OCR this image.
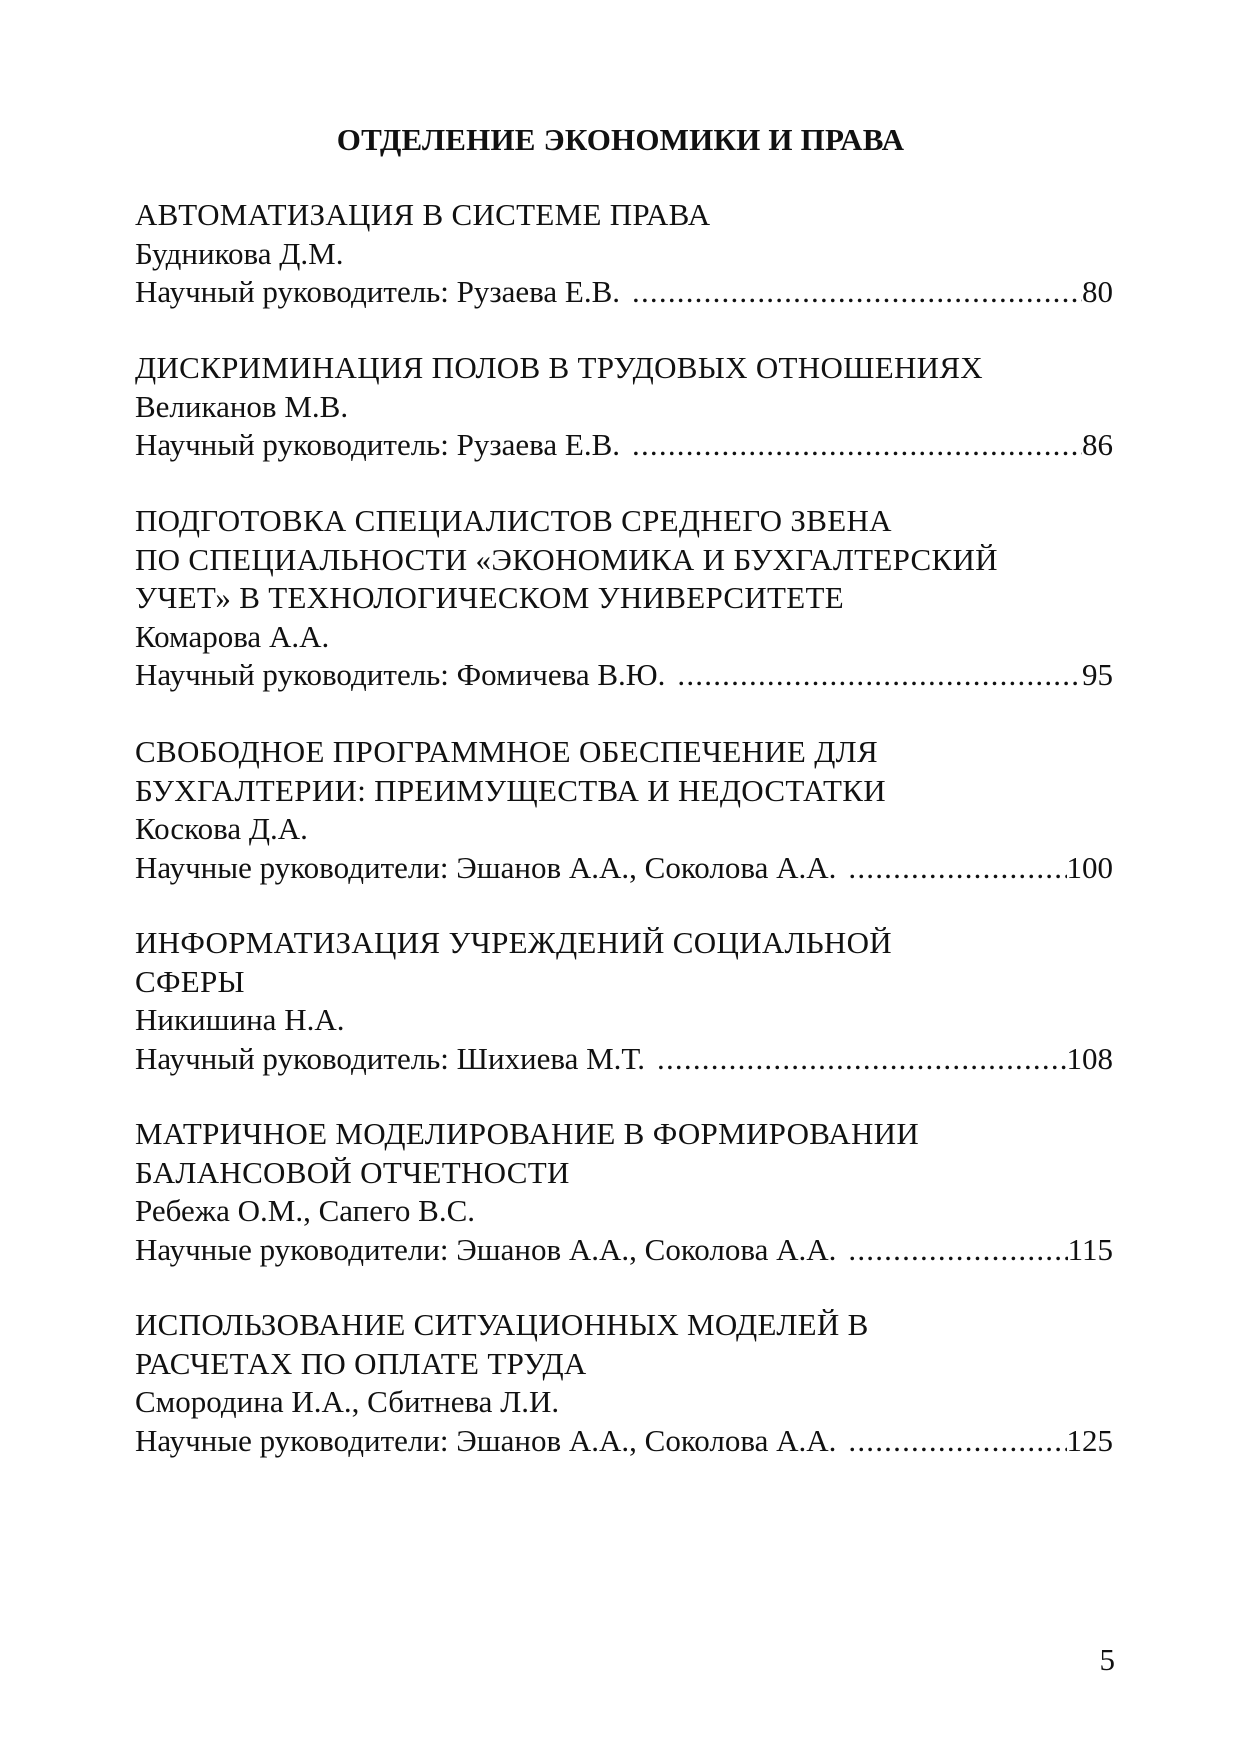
ОТДЕЛЕНИЕ ЭКОНОМИКИ И ПРАВА
АВТОМАТИЗАЦИЯ В СИСТЕМЕ ПРАВА
Будникова Д.М.
Научный руководитель: Рузаева Е.В. .....	80
ДИСКРИМИНАЦИЯ ПОЛОВ В ТРУДОВЫХ ОТНОШЕНИЯХ
Великанов М.В.
Научный руководитель: Рузаева Е.В. .....	86
ПОДГОТОВКА СПЕЦИАЛИСТОВ СРЕДНЕГО ЗВЕНА
ПО СПЕЦИАЛЬНОСТИ «ЭКОНОМИКА И БУХГАЛТЕРСКИЙ
УЧЕТ» В ТЕХНОЛОГИЧЕСКОМ УНИВЕРСИТЕТЕ
Комарова А.А.
Научный руководитель: Фомичева В.Ю. .....	95
СВОБОДНОЕ ПРОГРАММНОЕ ОБЕСПЕЧЕНИЕ ДЛЯ
БУХГАЛТЕРИИ: ПРЕИМУЩЕСТВА И НЕДОСТАТКИ
Коскова Д.А.
Научные руководители: Эшанов А.А., Соколова А.А. .....	100
ИНФОРМАТИЗАЦИЯ УЧРЕЖДЕНИЙ СОЦИАЛЬНОЙ
СФЕРЫ
Никишина Н.А.
Научный руководитель: Шихиева М.Т. .....	108
МАТРИЧНОЕ МОДЕЛИРОВАНИЕ В ФОРМИРОВАНИИ
БАЛАНСОВОЙ ОТЧЕТНОСТИ
Ребежа О.М., Сапего В.С.
Научные руководители: Эшанов А.А., Соколова А.А. .....	115
ИСПОЛЬЗОВАНИЕ СИТУАЦИОННЫХ МОДЕЛЕЙ В
РАСЧЕТАХ ПО ОПЛАТЕ ТРУДА
Смородина И.А., Сбитнева Л.И.
Научные руководители: Эшанов А.А., Соколова А.А. .....	125
5
